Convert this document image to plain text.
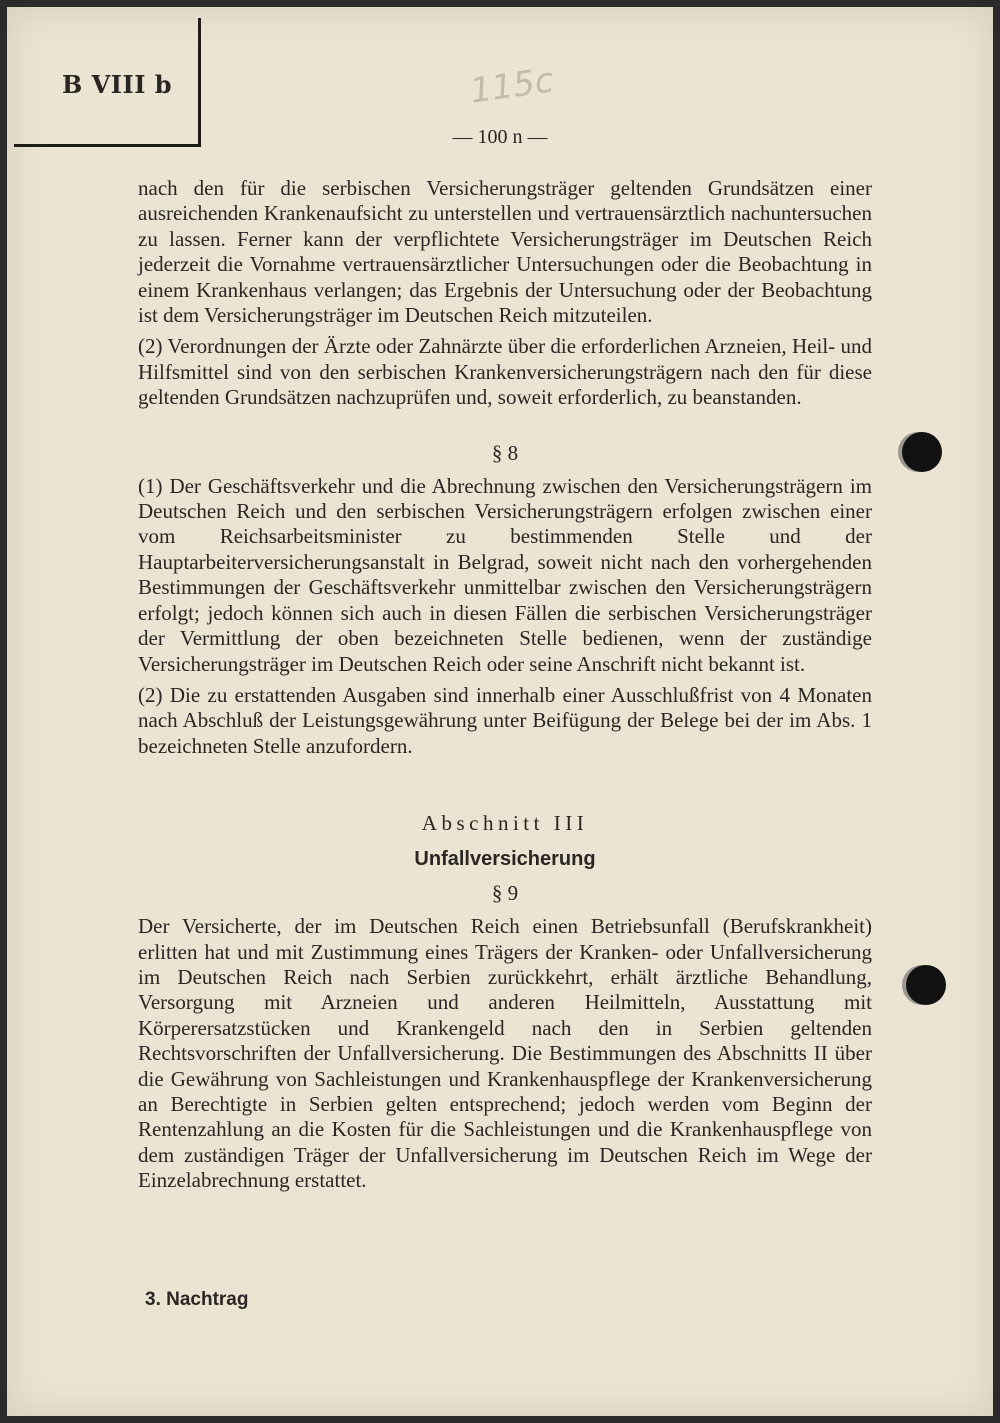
B VIII b	115c
— 100 n —

nach den für die serbischen Versicherungsträger geltenden Grundsätzen einer ausreichenden Krankenaufsicht zu unterstellen und vertrauensärztlich nachuntersuchen zu lassen. Ferner kann der verpflichtete Versicherungsträger im Deutschen Reich jederzeit die Vornahme vertrauensärztlicher Untersuchungen oder die Beobachtung in einem Krankenhaus verlangen; das Ergebnis der Untersuchung oder der Beobachtung ist dem Versicherungsträger im Deutschen Reich mitzuteilen.

(2) Verordnungen der Ärzte oder Zahnärzte über die erforderlichen Arzneien, Heil- und Hilfsmittel sind von den serbischen Krankenversicherungsträgern nach den für diese geltenden Grundsätzen nachzuprüfen und, soweit erforderlich, zu beanstanden.

§ 8

(1) Der Geschäftsverkehr und die Abrechnung zwischen den Versicherungsträgern im Deutschen Reich und den serbischen Versicherungsträgern erfolgen zwischen einer vom Reichsarbeitsminister zu bestimmenden Stelle und der Hauptarbeiterversicherungsanstalt in Belgrad, soweit nicht nach den vorhergehenden Bestimmungen der Geschäftsverkehr unmittelbar zwischen den Versicherungsträgern erfolgt; jedoch können sich auch in diesen Fällen die serbischen Versicherungsträger der Vermittlung der oben bezeichneten Stelle bedienen, wenn der zuständige Versicherungsträger im Deutschen Reich oder seine Anschrift nicht bekannt ist.

(2) Die zu erstattenden Ausgaben sind innerhalb einer Ausschlußfrist von 4 Monaten nach Abschluß der Leistungsgewährung unter Beifügung der Belege bei der im Abs. 1 bezeichneten Stelle anzufordern.

Abschnitt III
Unfallversicherung
§ 9

Der Versicherte, der im Deutschen Reich einen Betriebsunfall (Berufskrankheit) erlitten hat und mit Zustimmung eines Trägers der Kranken- oder Unfallversicherung im Deutschen Reich nach Serbien zurückkehrt, erhält ärztliche Behandlung, Versorgung mit Arzneien und anderen Heilmitteln, Ausstattung mit Körperersatzstücken und Krankengeld nach den in Serbien geltenden Rechtsvorschriften der Unfallversicherung. Die Bestimmungen des Abschnitts II über die Gewährung von Sachleistungen und Krankenhauspflege der Krankenversicherung an Berechtigte in Serbien gelten entsprechend; jedoch werden vom Beginn der Rentenzahlung an die Kosten für die Sachleistungen und die Krankenhauspflege von dem zuständigen Träger der Unfallversicherung im Deutschen Reich im Wege der Einzelabrechnung erstattet.

3. Nachtrag
